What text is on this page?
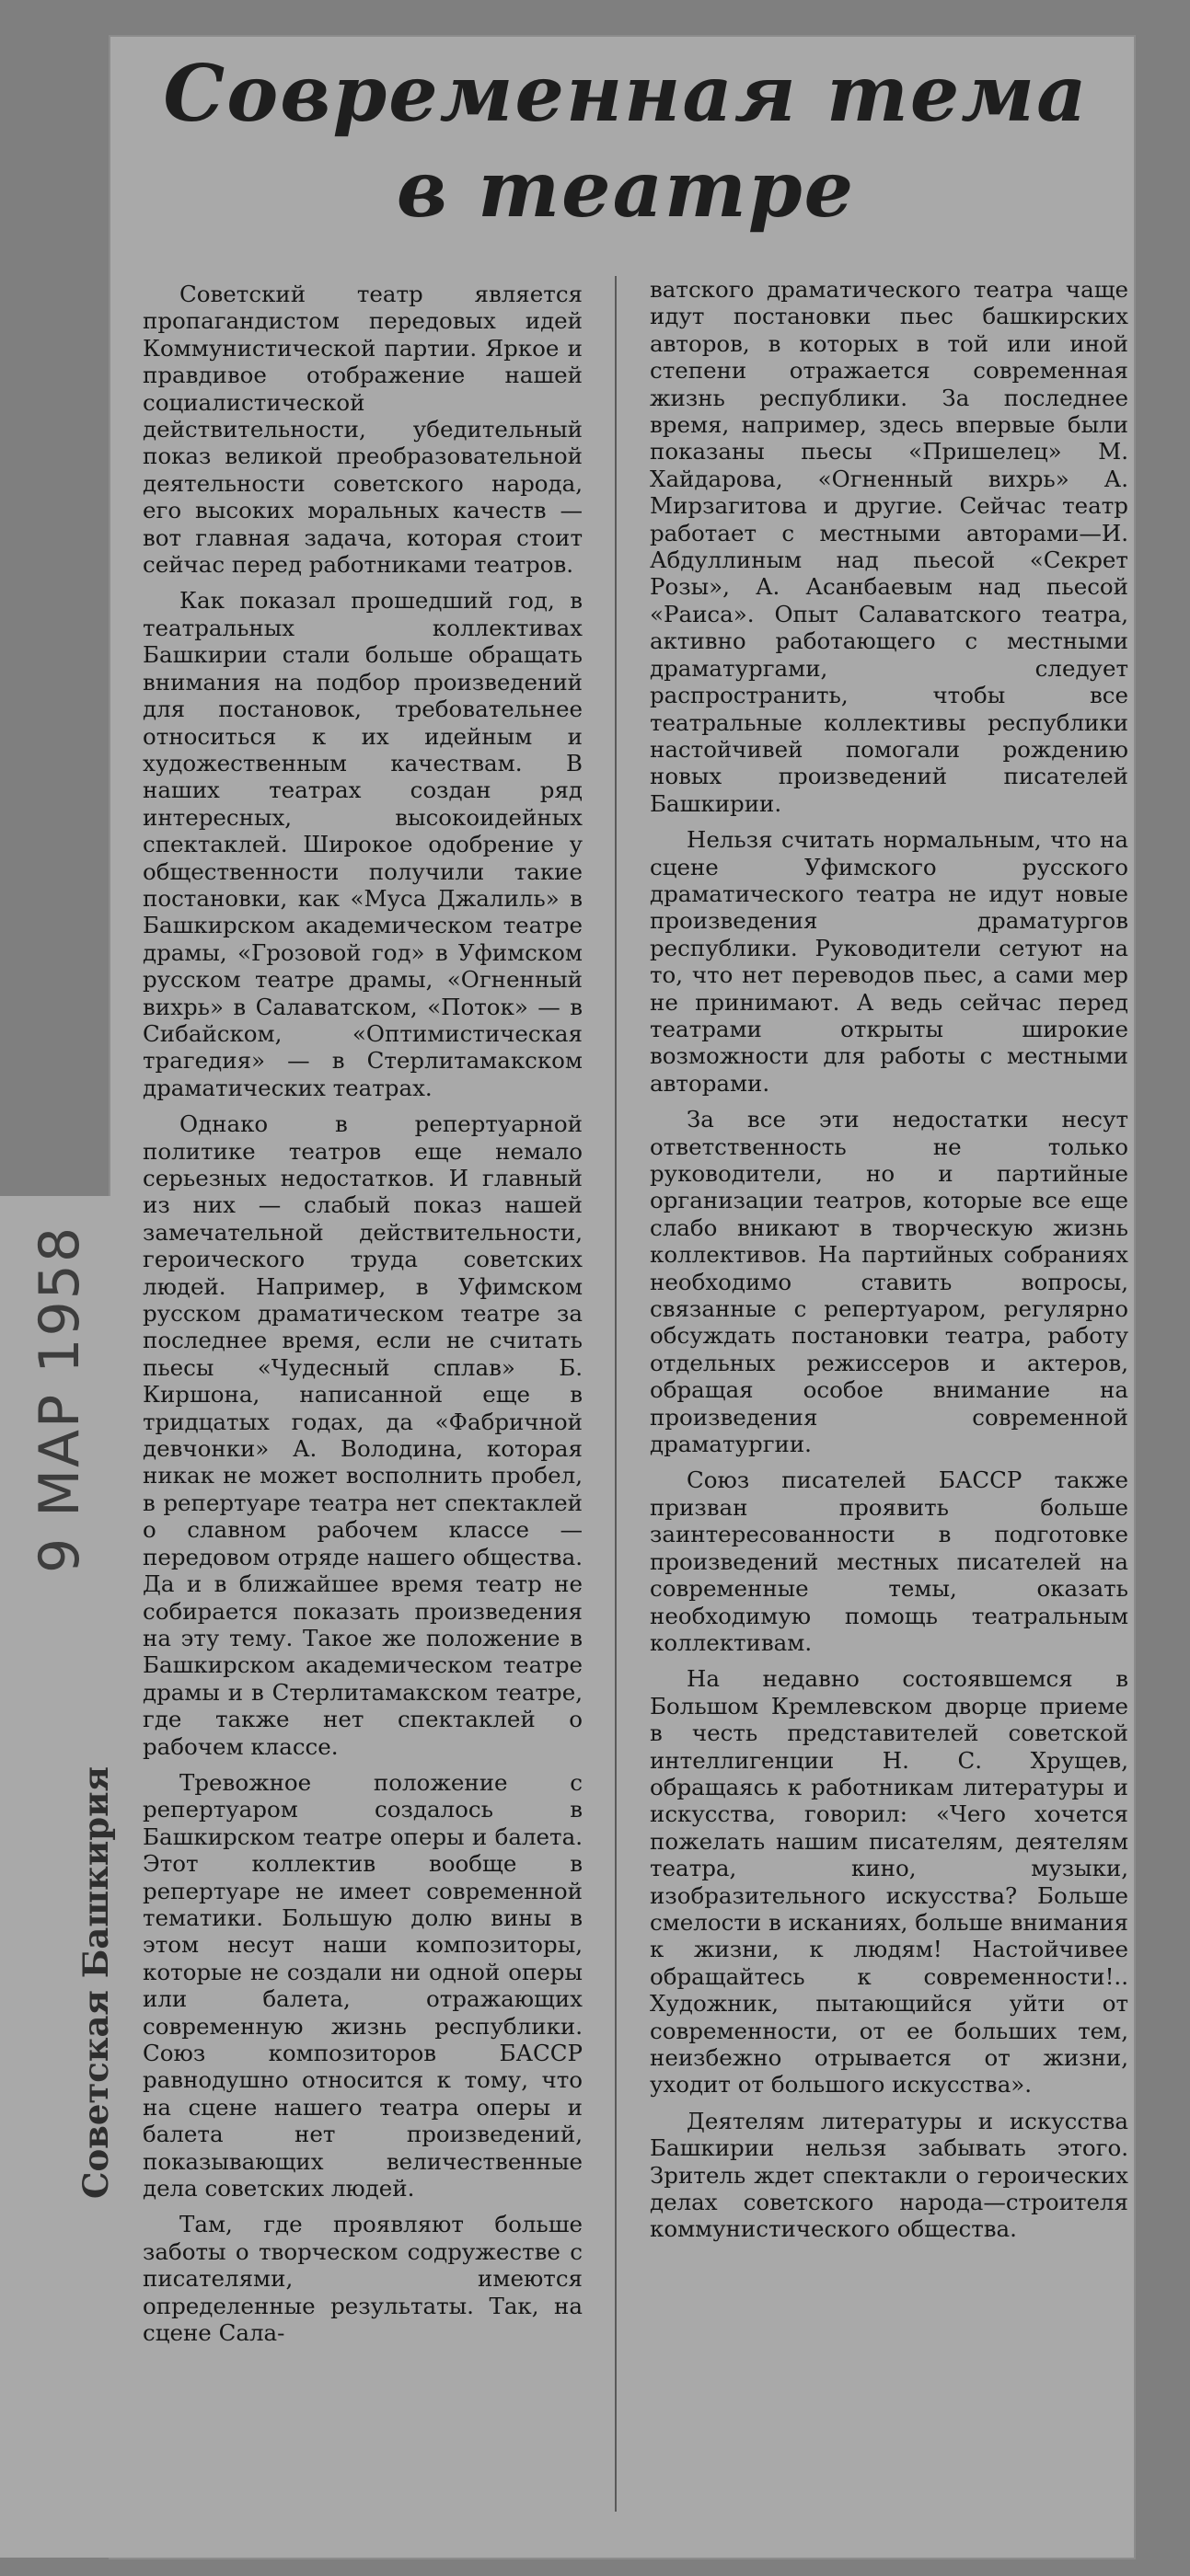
9 МАР 1958
Советская Башкирия
Современная тема
в театре

Советский театр является пропагандистом передовых идей Коммунистической партии. Яркое и правдивое отображение нашей социалистической действительности, убедительный показ великой преобразовательной деятельности советского народа, его высоких моральных качеств — вот главная задача, которая стоит сейчас перед работниками театров.

Как показал прошедший год, в театральных коллективах Башкирии стали больше обращать внимания на подбор произведений для постановок, требовательнее относиться к их идейным и художественным качествам. В наших театрах создан ряд интересных, высокоидейных спектаклей. Широкое одобрение у общественности получили такие постановки, как «Муса Джалиль» в Башкирском академическом театре драмы, «Грозовой год» в Уфимском русском театре драмы, «Огненный вихрь» в Салаватском, «Поток» — в Сибайском, «Оптимистическая трагедия» — в Стерлитамакском драматических театрах.

Однако в репертуарной политике театров еще немало серьезных недостатков. И главный из них — слабый показ нашей замечательной действительности, героического труда советских людей. Например, в Уфимском русском драматическом театре за последнее время, если не считать пьесы «Чудесный сплав» Б. Киршона, написанной еще в тридцатых годах, да «Фабричной девчонки» А. Володина, которая никак не может восполнить пробел, в репертуаре театра нет спектаклей о славном рабочем классе — передовом отряде нашего общества. Да и в ближайшее время театр не собирается показать произведения на эту тему. Такое же положение в Башкирском академическом театре драмы и в Стерлитамакском театре, где также нет спектаклей о рабочем классе.

Тревожное положение с репертуаром создалось в Башкирском театре оперы и балета. Этот коллектив вообще в репертуаре не имеет современной тематики. Большую долю вины в этом несут наши композиторы, которые не создали ни одной оперы или балета, отражающих современную жизнь республики. Союз композиторов БАССР равнодушно относится к тому, что на сцене нашего театра оперы и балета нет произведений, показывающих величественные дела советских людей.

Там, где проявляют больше заботы о творческом содружестве с писателями, имеются определенные результаты. Так, на сцене Сала-

ватского драматического театра чаще идут постановки пьес башкирских авторов, в которых в той или иной степени отражается современная жизнь республики. За последнее время, например, здесь впервые были показаны пьесы «Пришелец» М. Хайдарова, «Огненный вихрь» А. Мирзагитова и другие. Сейчас театр работает с местными авторами—И. Абдуллиным над пьесой «Секрет Розы», А. Асанбаевым над пьесой «Раиса». Опыт Салаватского театра, активно работающего с местными драматургами, следует распространить, чтобы все театральные коллективы республики настойчивей помогали рождению новых произведений писателей Башкирии.

Нельзя считать нормальным, что на сцене Уфимского русского драматического театра не идут новые произведения драматургов республики. Руководители сетуют на то, что нет переводов пьес, а сами мер не принимают. А ведь сейчас перед театрами открыты широкие возможности для работы с местными авторами.

За все эти недостатки несут ответственность не только руководители, но и партийные организации театров, которые все еще слабо вникают в творческую жизнь коллективов. На партийных собраниях необходимо ставить вопросы, связанные с репертуаром, регулярно обсуждать постановки театра, работу отдельных режиссеров и актеров, обращая особое внимание на произведения современной драматургии.

Союз писателей БАССР также призван проявить больше заинтересованности в подготовке произведений местных писателей на современные темы, оказать необходимую помощь театральным коллективам.

На недавно состоявшемся в Большом Кремлевском дворце приеме в честь представителей советской интеллигенции Н. С. Хрущев, обращаясь к работникам литературы и искусства, говорил: «Чего хочется пожелать нашим писателям, деятелям театра, кино, музыки, изобразительного искусства? Больше смелости в исканиях, больше внимания к жизни, к людям! Настойчивее обращайтесь к современности!.. Художник, пытающийся уйти от современности, от ее больших тем, неизбежно отрывается от жизни, уходит от большого искусства».

Деятелям литературы и искусства Башкирии нельзя забывать этого. Зритель ждет спектакли о героических делах советского народа—строителя коммунистического общества.
